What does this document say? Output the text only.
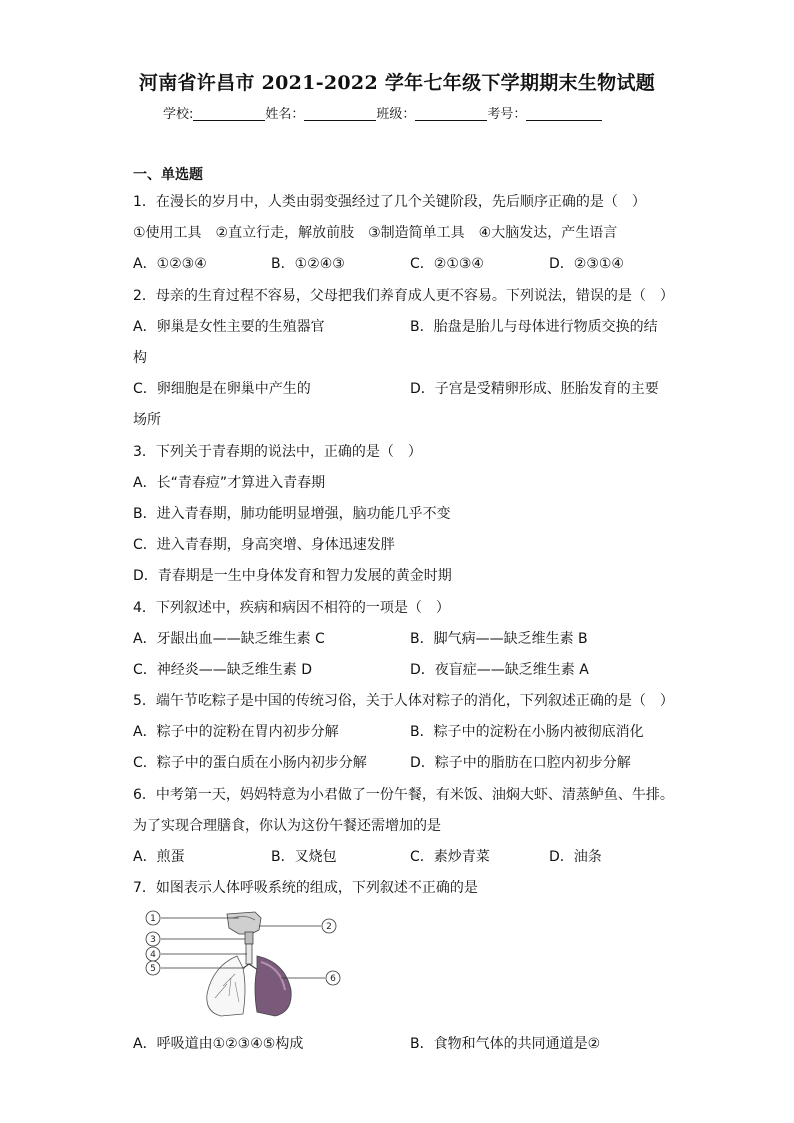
河南省许昌市 2021-2022 学年七年级下学期期末生物试题
学校:	姓名：	班级：	考号：
一、单选题
1．在漫长的岁月中，人类由弱变强经过了几个关键阶段，先后顺序正确的是（　）
①使用工具　②直立行走，解放前肢　③制造简单工具　④大脑发达，产生语言
A．①②③④	B．①②④③	C．②①③④	D．②③①④
2．母亲的生育过程不容易，父母把我们养育成人更不容易。下列说法，错误的是（　）
A．卵巢是女性主要的生殖器官	B．胎盘是胎儿与母体进行物质交换的结
构
C．卵细胞是在卵巢中产生的	D．子宫是受精卵形成、胚胎发育的主要
场所
3．下列关于青春期的说法中，正确的是（　）
A．长“青春痘”才算进入青春期
B．进入青春期，肺功能明显增强，脑功能几乎不变
C．进入青春期，身高突增、身体迅速发胖
D．青春期是一生中身体发育和智力发展的黄金时期
4．下列叙述中，疾病和病因不相符的一项是（　）
A．牙龈出血——缺乏维生素 C	B．脚气病——缺乏维生素 B
C．神经炎——缺乏维生素 D	D．夜盲症——缺乏维生素 A
5．端午节吃粽子是中国的传统习俗，关于人体对粽子的消化，下列叙述正确的是（　）
A．粽子中的淀粉在胃内初步分解	B．粽子中的淀粉在小肠内被彻底消化
C．粽子中的蛋白质在小肠内初步分解	D．粽子中的脂肪在口腔内初步分解
6．中考第一天，妈妈特意为小君做了一份午餐，有米饭、油焖大虾、清蒸鲈鱼、牛排。
为了实现合理膳食，你认为这份午餐还需增加的是
A．煎蛋	B．叉烧包	C．素炒青菜	D．油条
7．如图表示人体呼吸系统的组成，下列叙述不正确的是
1
2
3
4
5
6
A．呼吸道由①②③④⑤构成	B．食物和气体的共同通道是②
